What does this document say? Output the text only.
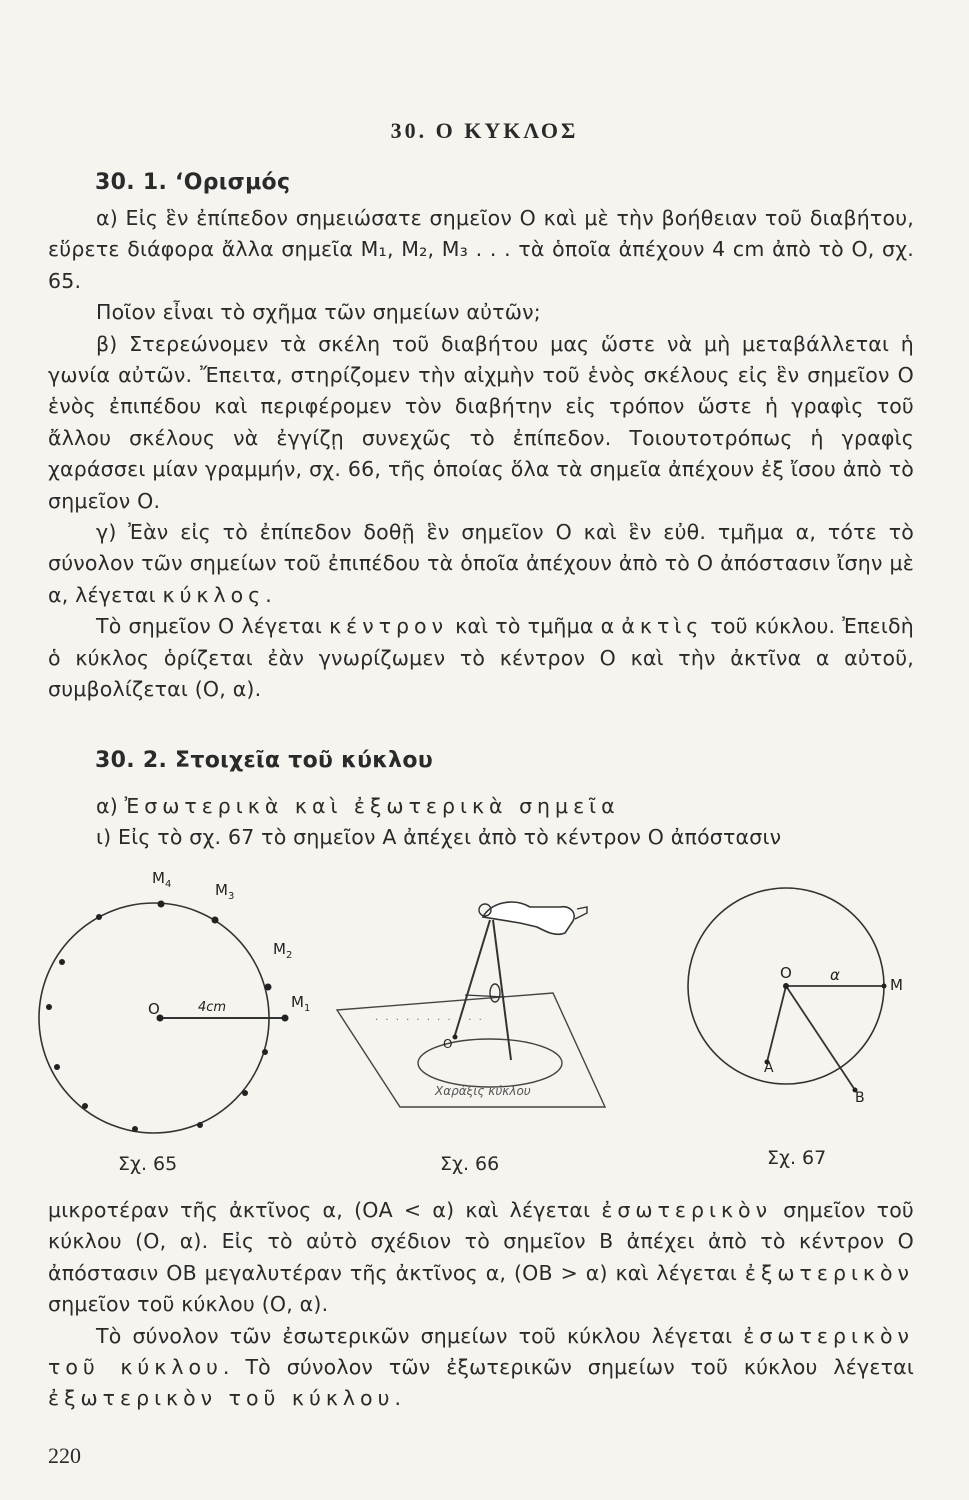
30. Ο ΚΥΚΛΟΣ
30. 1. ‘Ορισμός

α) Εἰς ἓν ἐπίπεδον σημειώσατε σημεῖον Ο καὶ μὲ τὴν βοήθειαν τοῦ διαβήτου, εὕρετε διάφορα ἄλλα σημεῖα M₁, M₂, M₃ . . . τὰ ὁποῖα ἀπέχουν 4 cm ἀπὸ τὸ Ο, σχ. 65.

Ποῖον εἶναι τὸ σχῆμα τῶν σημείων αὐτῶν;

β) Στερεώνομεν τὰ σκέλη τοῦ διαβήτου μας ὥστε νὰ μὴ μεταβάλλεται ἡ γωνία αὐτῶν. Ἔπειτα, στηρίζομεν τὴν αἰχμὴν τοῦ ἑνὸς σκέλους εἰς ἓν σημεῖον Ο ἑνὸς ἐπιπέδου καὶ περιφέρομεν τὸν διαβήτην εἰς τρόπον ὥστε ἡ γραφὶς τοῦ ἄλλου σκέλους νὰ ἐγγίζῃ συνεχῶς τὸ ἐπίπεδον. Τοιουτοτρόπως ἡ γραφὶς χαράσσει μίαν γραμμήν, σχ. 66, τῆς ὁποίας ὅλα τὰ σημεῖα ἀπέχουν ἐξ ἴσου ἀπὸ τὸ σημεῖον Ο.

γ) Ἐὰν εἰς τὸ ἐπίπεδον δοθῇ ἓν σημεῖον Ο καὶ ἓν εὐθ. τμῆμα α, τότε τὸ σύνολον τῶν σημείων τοῦ ἐπιπέδου τὰ ὁποῖα ἀπέχουν ἀπὸ τὸ Ο ἀπόστασιν ἴσην μὲ α, λέγεται κύκλος.

Τὸ σημεῖον Ο λέγεται κέντρον καὶ τὸ τμῆμα α ἀκτὶς τοῦ κύκλου. Ἐπειδὴ ὁ κύκλος ὁρίζεται ἐὰν γνωρίζωμεν τὸ κέντρον Ο καὶ τὴν ἀκτῖνα α αὐτοῦ, συμβολίζεται (Ο, α).

30. 2. Στοιχεῖα τοῦ κύκλου

α) Ἐσωτερικὰ καὶ ἐξωτερικὰ σημεῖα

ι) Εἰς τὸ σχ. 67 τὸ σημεῖον Α ἀπέχει ἀπὸ τὸ κέντρον Ο ἀπόστασιν

O	4cm
$M_4$	$M_3$
$M_2$
$M_1$
Σχ. 65
· · · · · · · · · · ·
O
Χαράξις κύκλου
Σχ. 66
O	α
M
A
B
Σχ. 67

μικροτέραν τῆς ἀκτῖνος α, (ΟΑ < α) καὶ λέγεται ἐσωτερικὸν σημεῖον τοῦ κύκλου (Ο, α). Εἰς τὸ αὐτὸ σχέδιον τὸ σημεῖον Β ἀπέχει ἀπὸ τὸ κέντρον Ο ἀπόστασιν ΟΒ μεγαλυτέραν τῆς ἀκτῖνος α, (ΟΒ > α) καὶ λέγεται ἐξωτερικὸν σημεῖον τοῦ κύκλου (Ο, α).

Τὸ σύνολον τῶν ἐσωτερικῶν σημείων τοῦ κύκλου λέγεται ἐσωτερικὸν τοῦ κύκλου. Τὸ σύνολον τῶν ἐξωτερικῶν σημείων τοῦ κύκλου λέγεται ἐξωτερικὸν τοῦ κύκλου.

220
